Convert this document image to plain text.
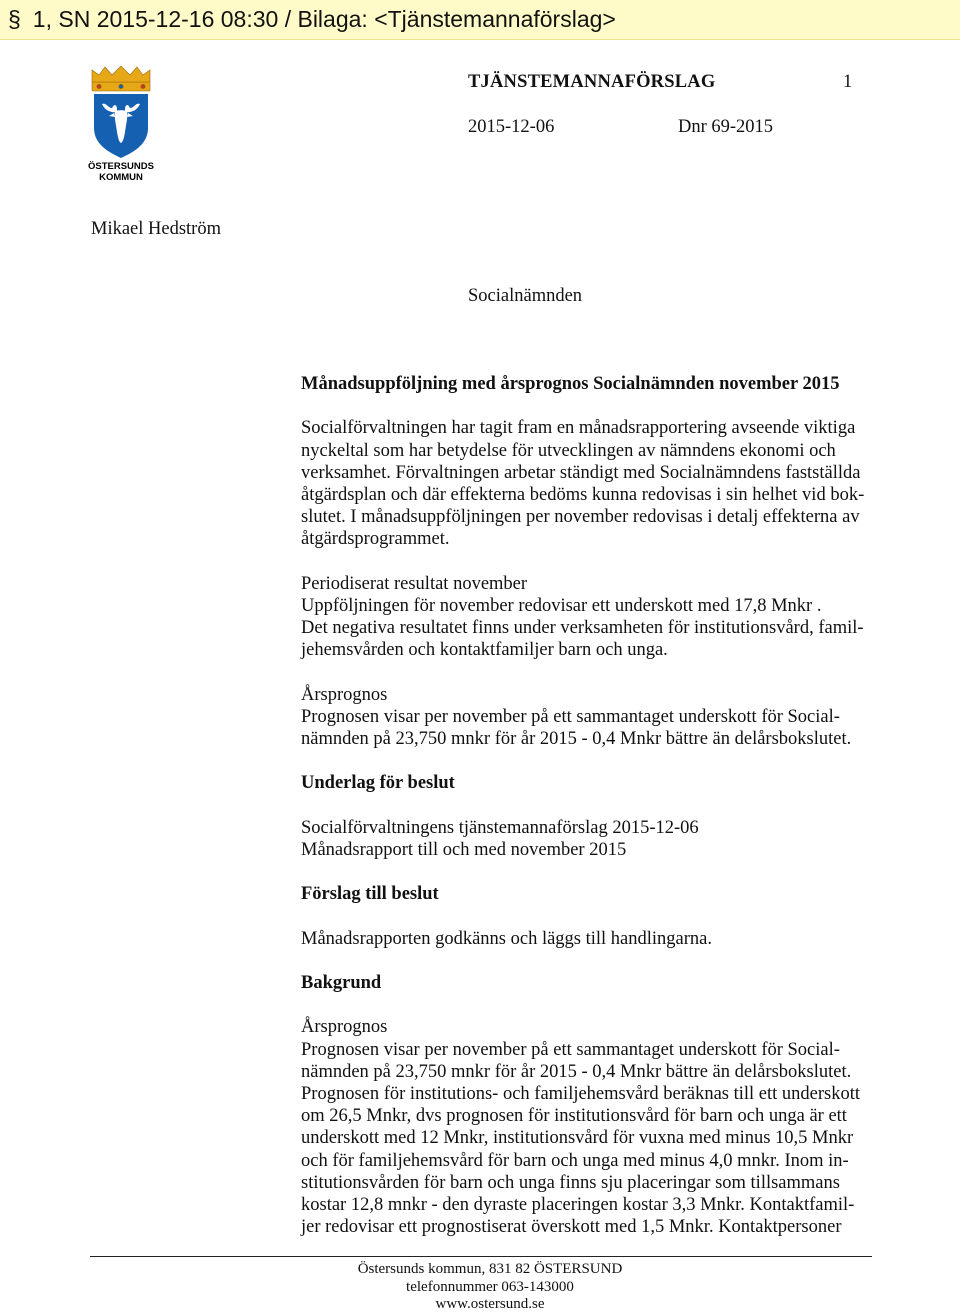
§ 1, SN 2015-12-16 08:30 / Bilaga: <Tjänstemannaförslag>
ÖSTERSUNDS
KOMMUN
TJÄNSTEMANNAFÖRSLAG	1
2015-12-06	Dnr 69-2015
Mikael Hedström
Socialnämnden
Månadsuppföljning med årsprognos Socialnämnden november 2015
Socialförvaltningen har tagit fram en månadsrapportering avseende viktiga
nyckeltal som har betydelse för utvecklingen av nämndens ekonomi och
verksamhet. Förvaltningen arbetar ständigt med Socialnämndens fastställda
åtgärdsplan och där effekterna bedöms kunna redovisas i sin helhet vid bok-
slutet. I månadsuppföljningen per november redovisas i detalj effekterna av
åtgärdsprogrammet.
Periodiserat resultat november
Uppföljningen för november redovisar ett underskott med 17,8 Mnkr .
Det negativa resultatet finns under verksamheten för institutionsvård, famil-
jehemsvården och kontaktfamiljer barn och unga.
Årsprognos
Prognosen visar per november på ett sammantaget underskott för Social-
nämnden på 23,750 mnkr för år 2015 - 0,4 Mnkr bättre än delårsbokslutet.
Underlag för beslut
Socialförvaltningens tjänstemannaförslag 2015-12-06
Månadsrapport till och med november 2015
Förslag till beslut
Månadsrapporten godkänns och läggs till handlingarna.
Bakgrund
Årsprognos
Prognosen visar per november på ett sammantaget underskott för Social-
nämnden på 23,750 mnkr för år 2015 - 0,4 Mnkr bättre än delårsbokslutet.
Prognosen för institutions- och familjehemsvård beräknas till ett underskott
om 26,5 Mnkr, dvs prognosen för institutionsvård för barn och unga är ett
underskott med 12 Mnkr, institutionsvård för vuxna med minus 10,5 Mnkr
och för familjehemsvård för barn och unga med minus 4,0 mnkr. Inom in-
stitutionsvården för barn och unga finns sju placeringar som tillsammans
kostar 12,8 mnkr - den dyraste placeringen kostar 3,3 Mnkr. Kontaktfamil-
jer redovisar ett prognostiserat överskott med 1,5 Mnkr. Kontaktpersoner
Östersunds kommun, 831 82 ÖSTERSUND
telefonnummer 063-143000
www.ostersund.se
